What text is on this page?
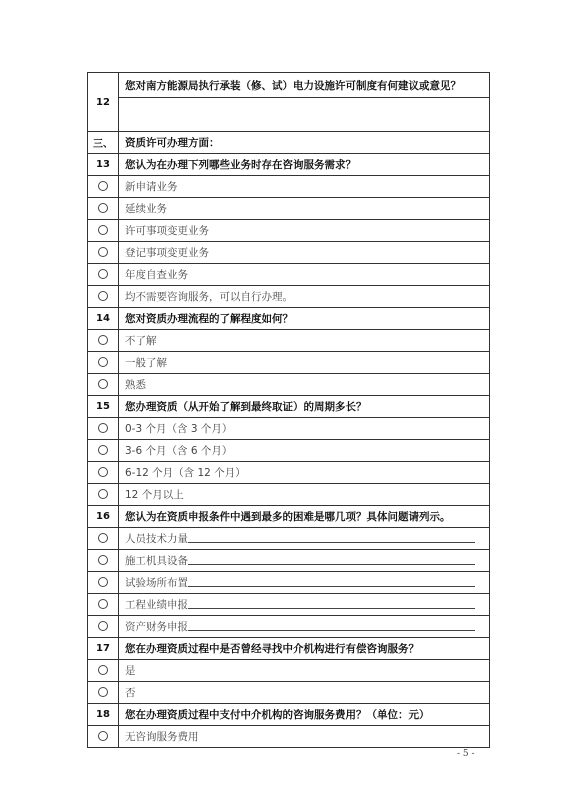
12	您对南方能源局执行承装（修、试）电力设施许可制度有何建议或意见？

三、	资质许可办理方面：
13	您认为在办理下列哪些业务时存在咨询服务需求？
	新申请业务
	延续业务
	许可事项变更业务
	登记事项变更业务
	年度自查业务
	均不需要咨询服务，可以自行办理。
14	您对资质办理流程的了解程度如何？
	不了解
	一般了解
	熟悉
15	您办理资质（从开始了解到最终取证）的周期多长？
	0-3 个月（含 3 个月）
	3-6 个月（含 6 个月）
	6-12 个月（含 12 个月）
	12 个月以上
16	您认为在资质申报条件中遇到最多的困难是哪几项？具体问题请列示。
	人员技术力量
	施工机具设备
	试验场所布置
	工程业绩申报
	资产财务申报
17	您在办理资质过程中是否曾经寻找中介机构进行有偿咨询服务？
	是
	否
18	您在办理资质过程中支付中介机构的咨询服务费用？（单位：元）
	无咨询服务费用
- 5 -
